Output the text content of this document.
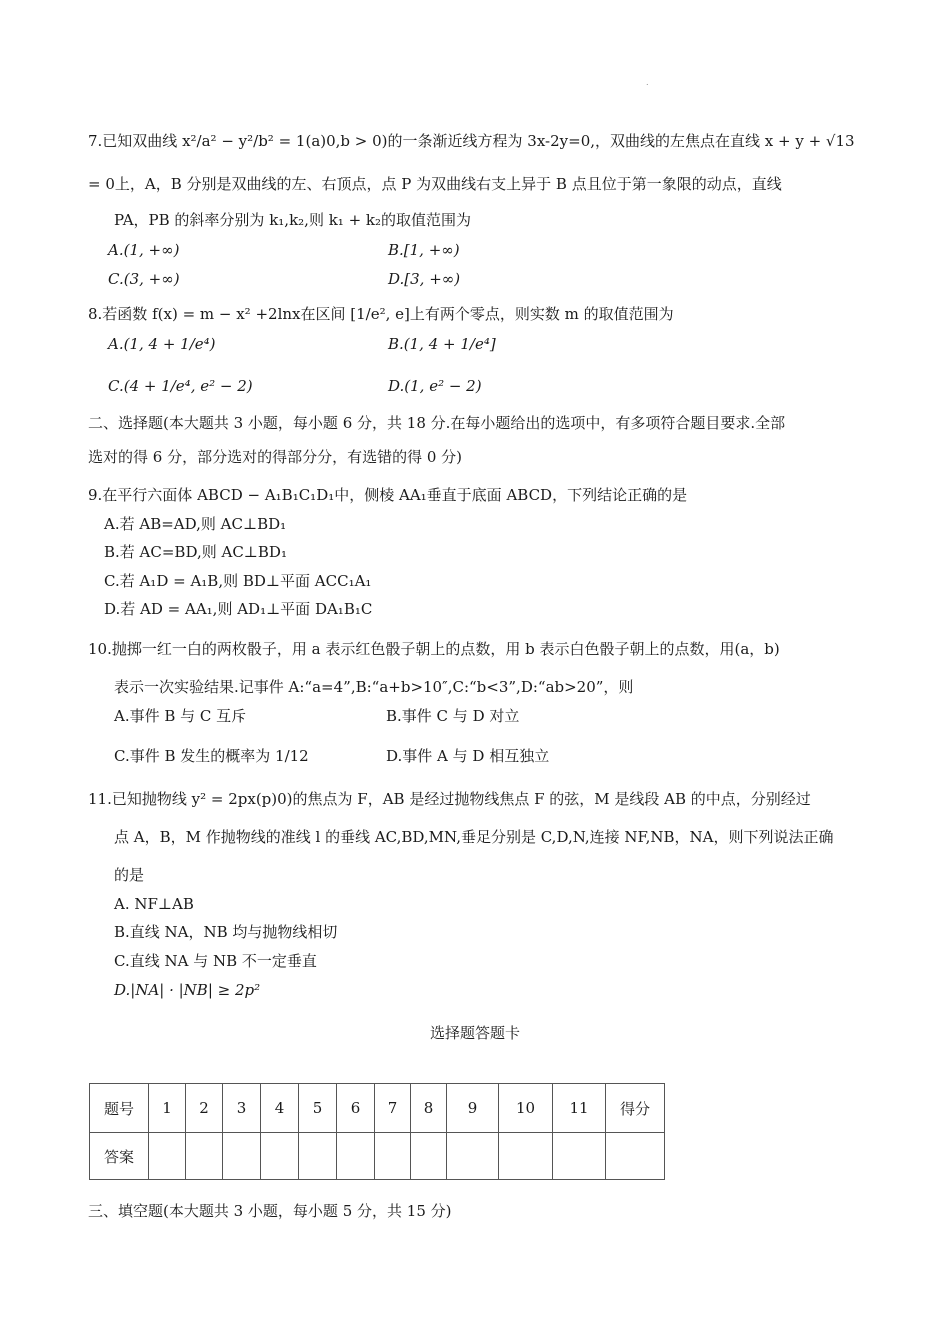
.
7.已知双曲线 x²/a² − y²/b² = 1(a)0,b > 0)的一条渐近线方程为 3x-2y=0,，双曲线的左焦点在直线 x + y + √13
= 0上，A，B 分别是双曲线的左、右顶点，点 P 为双曲线右支上异于 B 点且位于第一象限的动点，直线
PA，PB 的斜率分别为 k₁,k₂,则 k₁ + k₂的取值范围为
A.(1, +∞)	B.[1, +∞)
C.(3, +∞)	D.[3, +∞)
8.若函数 f(x) = m − x² +2lnx在区间 [1/e², e]上有两个零点，则实数 m 的取值范围为
A.(1, 4 + 1/e⁴)	B.(1, 4 + 1/e⁴]
C.(4 + 1/e⁴, e² − 2)	D.(1, e² − 2)
二、选择题(本大题共 3 小题，每小题 6 分，共 18 分.在每小题给出的选项中，有多项符合题目要求.全部
选对的得 6 分，部分选对的得部分分，有选错的得 0 分)
9.在平行六面体 ABCD − A₁B₁C₁D₁中，侧棱 AA₁垂直于底面 ABCD，下列结论正确的是
A.若 AB=AD,则 AC⊥BD₁
B.若 AC=BD,则 AC⊥BD₁
C.若 A₁D = A₁B,则 BD⊥平面 ACC₁A₁
D.若 AD = AA₁,则 AD₁⊥平面 DA₁B₁C
10.抛掷一红一白的两枚骰子，用 a 表示红色骰子朝上的点数，用 b 表示白色骰子朝上的点数，用(a，b)
表示一次实验结果.记事件 A:“a=4”,B:“a+b>10″,C:“b<3”,D:“ab>20”，则
A.事件 B 与 C 互斥	B.事件 C 与 D 对立
C.事件 B 发生的概率为 1/12	D.事件 A 与 D 相互独立
11.已知抛物线 y² = 2px(p)0)的焦点为 F，AB 是经过抛物线焦点 F 的弦，M 是线段 AB 的中点，分别经过
点 A，B，M 作抛物线的准线 l 的垂线 AC,BD,MN,垂足分别是 C,D,N,连接 NF,NB，NA，则下列说法正确
的是
A. NF⊥AB
B.直线 NA，NB 均与抛物线相切
C.直线 NA 与 NB 不一定垂直
D.|NA| · |NB| ≥ 2p²
选择题答题卡
题号	1	2	3	4	5	6	7	8	9	10	11	得分
答案												
三、填空题(本大题共 3 小题，每小题 5 分，共 15 分)
